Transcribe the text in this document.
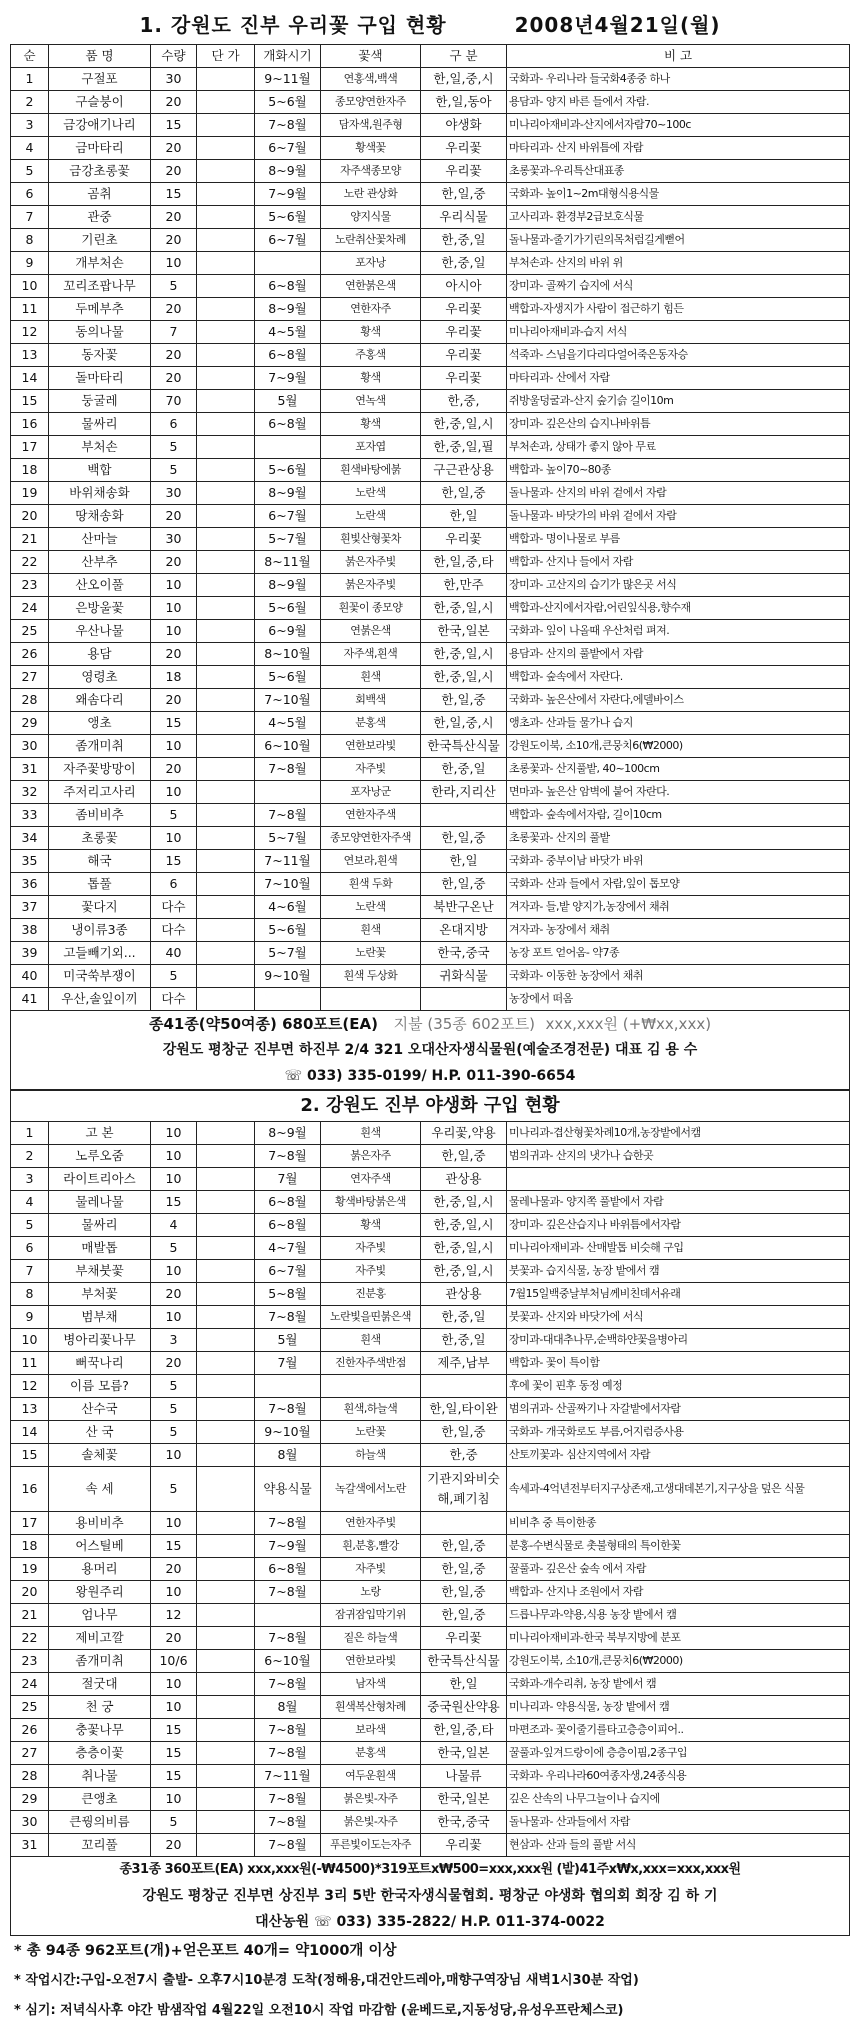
1. 강원도 진부 우리꽃 구입 현황	2008년4월21일(월)
순	품 명	수량	단 가	개화시기	꽃색	구 분	비 고
1	구절포	30		9~11월	연홍색,백색	한,일,중,시	국화과- 우리나라 들국화4종중 하나
2	구슬붕이	20		5~6월	종모양연한자주	한,일,동아	용담과- 양지 바른 들에서 자람.
3	금강애기나리	15		7~8월	담자색,원주형	야생화	미나리아재비과-산지에서자람70~100c
4	금마타리	20		6~7월	황색꽃	우리꽃	마타리과- 산지 바위틈에 자람
5	금강초롱꽃	20		8~9월	자주색종모양	우리꽃	초롱꽃과-우리특산대표종
6	곰취	15		7~9월	노란 관상화	한,일,중	국화과- 높이1~2m대형식용식물
7	관중	20		5~6월	양지식물	우리식물	고사리과- 환경부2급보호식물
8	기린초	20		6~7월	노란취산꽃차례	한,중,일	돌나물과-줄기가기린의목처럼길게뻗어
9	개부처손	10			포자낭	한,중,일	부처손과- 산지의 바위 위
10	꼬리조팝나무	5		6~8월	연한붉은색	아시아	장미과- 골짜기 습지에 서식
11	두메부추	20		8~9월	연한자주	우리꽃	백합과-자생지가 사람이 접근하기 힘든
12	동의나물	7		4~5월	황색	우리꽃	미나리아재비과-습지 서식
13	동자꽃	20		6~8월	주홍색	우리꽃	석죽과- 스님을기다리다얼어죽은동자승
14	돌마타리	20		7~9월	황색	우리꽃	마타리과- 산에서 자람
15	둥굴레	70		5월	연녹색	한,중,	쥐방울덩굴과-산지 숲기슭 길이10m
16	물싸리	6		6~8월	황색	한,중,일,시	장미과- 깊은산의 습지나바위틈
17	부처손	5			포자엽	한,중,일,필	부처손과, 상태가 좋지 않아 무료
18	백합	5		5~6월	흰색바탕에붉	구근관상용	백합과- 높이70~80종
19	바위채송화	30		8~9월	노란색	한,일,중	돌나물과- 산지의 바위 겉에서 자람
20	땅채송화	20		6~7월	노란색	한,일	돌나물과- 바닷가의 바위 겉에서 자람
21	산마늘	30		5~7월	흰빛산형꽃차	우리꽃	백합과- 명이나물로 부름
22	산부추	20		8~11월	붉은자주빛	한,일,중,타	백합과- 산지나 들에서 자람
23	산오이풀	10		8~9월	붉은자주빛	한,만주	장미과- 고산지의 습기가 많은곳 서식
24	은방울꽃	10		5~6월	흰꽃이 종모양	한,중,일,시	백합과-산지에서자람,어린잎식용,향수재
25	우산나물	10		6~9월	연붉은색	한국,일본	국화과- 잎이 나올때 우산처럼 펴져.
26	용담	20		8~10월	자주색,흰색	한,중,일,시	용담과- 산지의 풀밭에서 자람
27	영령초	18		5~6월	흰색	한,중,일,시	백합과- 숲속에서 자란다.
28	왜솜다리	20		7~10월	회백색	한,일,중	국화과- 높은산에서 자란다,에델바이스
29	앵초	15		4~5월	분홍색	한,일,중,시	앵초과- 산과들 물가나 습지
30	좀개미취	10		6~10월	연한보라빛	한국특산식물	강원도이북, 소10개,큰뭉치6(₩2000)
31	자주꽃방망이	20		7~8월	자주빛	한,중,일	초롱꽃과- 산지풀밭, 40~100cm
32	주저리고사리	10			포자낭군	한라,지리산	면마과- 높은산 암벽에 붙어 자란다.
33	좀비비추	5		7~8월	연한자주색		백합과- 숲속에서자람, 길이10cm
34	초롱꽃	10		5~7월	종모양연한자주색	한,일,중	초롱꽃과- 산지의 풀밭
35	해국	15		7~11월	연보라,흰색	한,일	국화과- 중부이남 바닷가 바위
36	톱풀	6		7~10월	흰색 두화	한,일,중	국화과- 산과 들에서 자람,잎이 톱모양
37	꽃다지	다수		4~6월	노란색	북반구온난	겨자과- 들,밭 양지가,농장에서 채취
38	냉이류3종	다수		5~6월	흰색	온대지방	겨자과- 농장에서 채취
39	고들빼기외...	40		5~7월	노란꽃	한국,중국	농장 포트 얻어옴- 약7종
40	미국쑥부쟁이	5		9~10월	흰색 두상화	귀화식물	국화과- 이동한 농장에서 채취
41	우산,솔잎이끼	다수					농장에서 떠옴
종41종(약50여종) 680포트(EA) 지불 (35종 602포트) xxx,xxx원 (+₩xx,xxx)
강원도 평창군 진부면 하진부 2/4 321 오대산자생식물원(예술조경전문) 대표 김 용 수
☏ 033) 335-0199/ H.P. 011-390-6654
2. 강원도 진부 야생화 구입 현황
1	고 본	10		8~9월	흰색	우리꽃,약용	미나리과-겹산형꽃차례10개,농장밭에서캠
2	노루오줌	10		7~8월	붉은자주	한,일,중	범의귀과- 산지의 냇가나 습한곳
3	라이트리아스	10		7월	연자주색	관상용	
4	물레나물	15		6~8월	황색바탕붉은색	한,중,일,시	물레나물과- 양지쪽 풀밭에서 자람
5	물싸리	4		6~8월	황색	한,중,일,시	장미과- 깊은산습지나 바위틈에서자람
6	매발톱	5		4~7월	자주빛	한,중,일,시	미나리아재비과- 산매발톱 비슷해 구입
7	부채붓꽃	10		6~7월	자주빛	한,중,일,시	붓꽃과- 습지식물, 농장 밭에서 캠
8	부처꽃	20		5~8월	진분홍	관상용	7월15일백중날부처님께비친데서유래
9	범부채	10		7~8월	노란빛을띤붉은색	한,중,일	붓꽃과- 산지와 바닷가에 서식
10	병아리꽃나무	3		5월	흰색	한,중,일	장미과-대대추나무,순백하얀꽃을병아리
11	뻐꾹나리	20		7월	진한자주색반점	제주,남부	백합과- 꽃이 특이함
12	이름 모름?	5					후에 꽃이 핀후 동정 예정
13	산수국	5		7~8월	흰색,하늘색	한,일,타이완	범의귀과- 산골짜기나 자갈밭에서자람
14	산 국	5		9~10월	노란꽃	한,일,중	국화과- 개국화로도 부름,어지럼증사용
15	솔체꽃	10		8월	하늘색	한,중	산토끼꽃과- 심산지역에서 자람
16	속 세	5		약용식물	녹갈색에서노란	기관지와비숫해,폐기침	속세과-4억년전부터지구상존재,고생대데본기,지구상을 덮은 식물
17	용비비추	10		7~8월	연한자주빛		비비추 중 특이한종
18	어스틸베	15		7~9월	흰,분홍,빨강	한,일,중	분홍-수변식물로 촛불형태의 특이한꽃
19	용머리	20		6~8월	자주빛	한,일,중	꿀풀과- 깊은산 숲속 에서 자람
20	왕원주리	10		7~8월	노랑	한,일,중	백합과- 산지나 조원에서 자람
21	엄나무	12			잠귀잠입막기위	한,일,중	드릅나무과-약용,식용 농장 밭에서 캠
22	제비고깔	20		7~8월	짙은 하늘색	우리꽃	미나리아재비과-한국 북부지방에 분포
23	좀개미취	10/6		6~10월	연한보라빛	한국특산식물	강원도이북, 소10개,큰뭉치6(₩2000)
24	절굿대	10		7~8월	남자색	한,일	국화과-개수리취, 농장 밭에서 캠
25	천 궁	10		8월	흰색복산형차례	중국원산약용	미나리과- 약용식물, 농장 밭에서 캠
26	충꽃나무	15		7~8월	보라색	한,일,중,타	마편조과- 꽃이줄기를타고층층이피어..
27	층층이꽃	15		7~8월	분홍색	한국,일본	꿀풀과-잎겨드랑이에 층층이핌,2종구입
28	취나물	15		7~11월	여두운흰색	나물류	국화과- 우리나라60여종자생,24종식용
29	큰앵초	10		7~8월	붉은빛-자주	한국,일본	깊은 산속의 나무그늘이나 습지에
30	큰꿩의비름	5		7~8월	붉은빛-자주	한국,중국	돌나물과- 산과들에서 자람
31	꼬리풀	20		7~8월	푸른빛이도는자주	우리꽃	현삼과- 산과 들의 풀밭 서식
종31종 360포트(EA) xxx,xxx원(-₩4500)*319포트x₩500=xxx,xxx원 (밭)41주x₩x,xxx=xxx,xxx원
강원도 평창군 진부면 상진부 3리 5반 한국자생식물협회. 평창군 야생화 협의회 회장 김 하 기
대산농원 ☏ 033) 335-2822/ H.P. 011-374-0022
* 총 94종 962포트(개)+얻은포트 40개= 약1000개 이상
* 작업시간:구입-오전7시 출발- 오후7시10분경 도착(정해용,대건안드레아,매향구역장님 새벽1시30분 작업)
* 심기: 저녁식사후 야간 밤샘작업 4월22일 오전10시 작업 마감함 (윤베드로,지동성당,유성우프란체스코)
